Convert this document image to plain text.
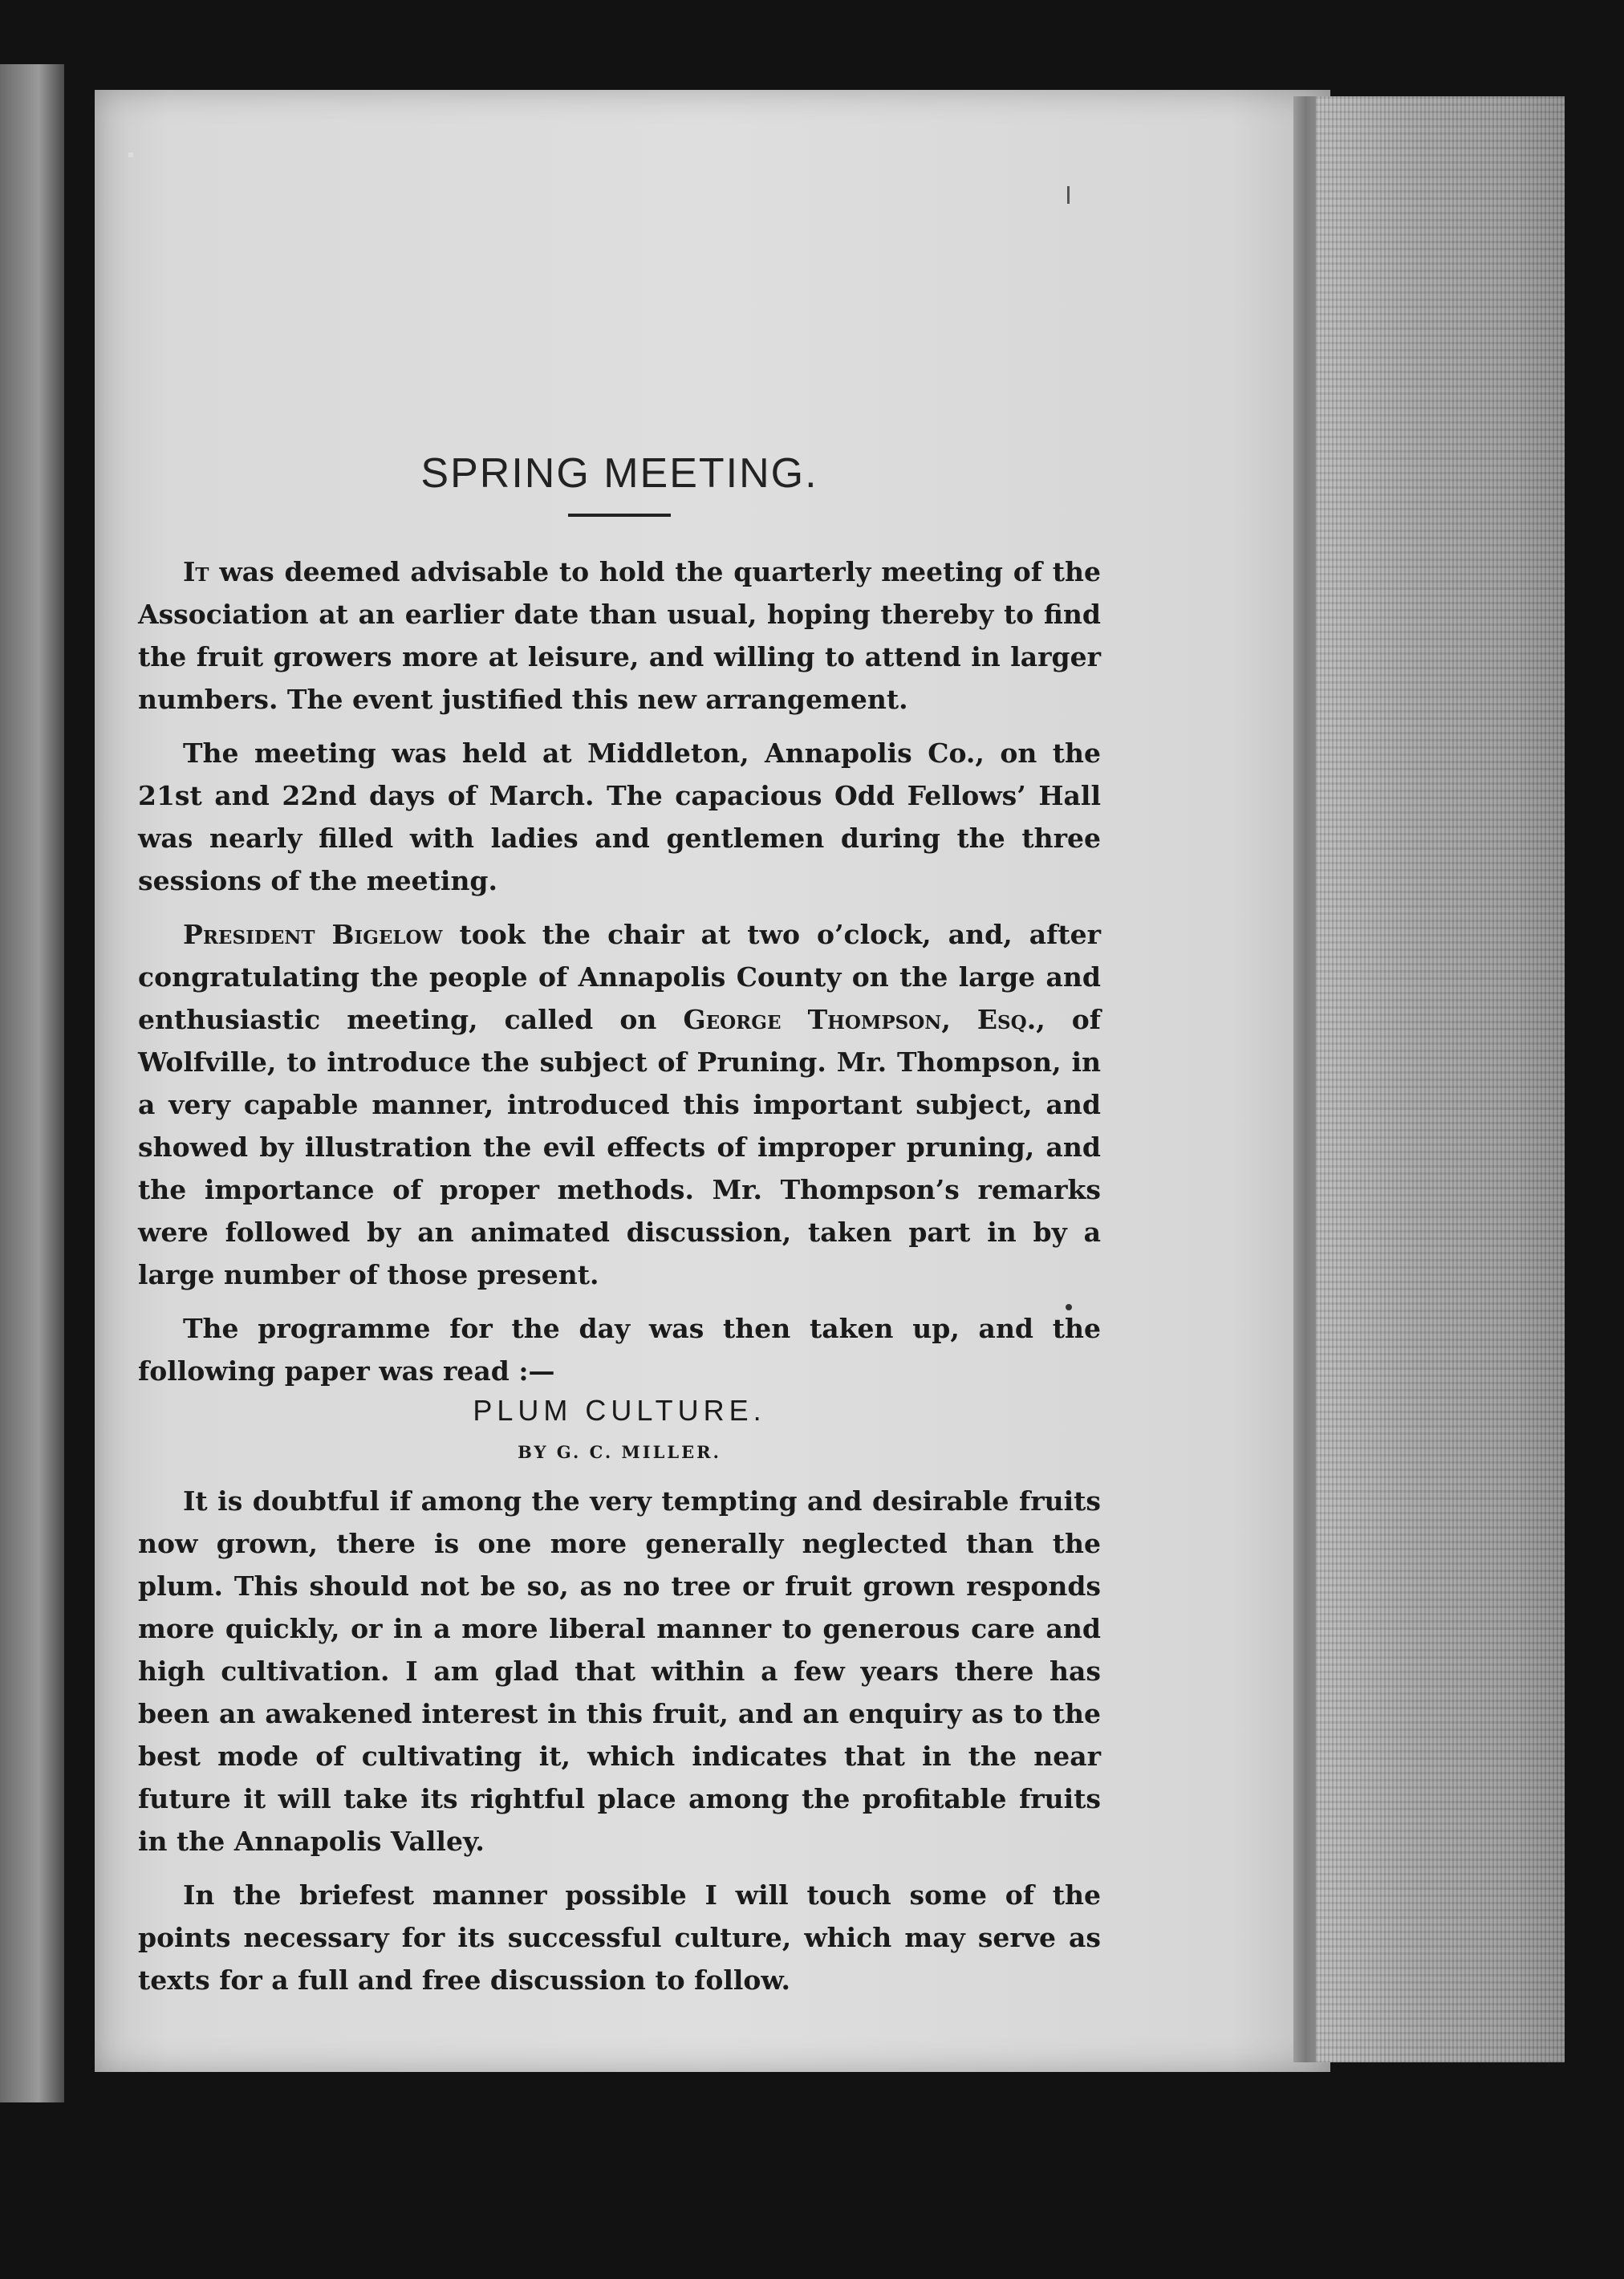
SPRING MEETING.

It was deemed advisable to hold the quarterly meeting of the Association at an earlier date than usual, hoping thereby to find the fruit growers more at leisure, and willing to attend in larger numbers. The event justified this new arrangement.

The meeting was held at Middleton, Annapolis Co., on the 21st and 22nd days of March. The capacious Odd Fellows’ Hall was nearly filled with ladies and gentlemen during the three sessions of the meeting.

President Bigelow took the chair at two o’clock, and, after congratulating the people of Annapolis County on the large and enthusiastic meeting, called on George Thompson, Esq., of Wolfville, to introduce the subject of Pruning. Mr. Thompson, in a very capable manner, introduced this important subject, and showed by illustration the evil effects of improper pruning, and the importance of proper methods. Mr. Thompson’s remarks were followed by an animated discussion, taken part in by a large number of those present.

The programme for the day was then taken up, and the following paper was read :—

PLUM CULTURE.
BY G. C. MILLER.

It is doubtful if among the very tempting and desirable fruits now grown, there is one more generally neglected than the plum. This should not be so, as no tree or fruit grown responds more quickly, or in a more liberal manner to generous care and high cultivation. I am glad that within a few years there has been an awakened interest in this fruit, and an enquiry as to the best mode of cultivating it, which indicates that in the near future it will take its rightful place among the profitable fruits in the Annapolis Valley.

In the briefest manner possible I will touch some of the points necessary for its successful culture, which may serve as texts for a full and free discussion to follow.
